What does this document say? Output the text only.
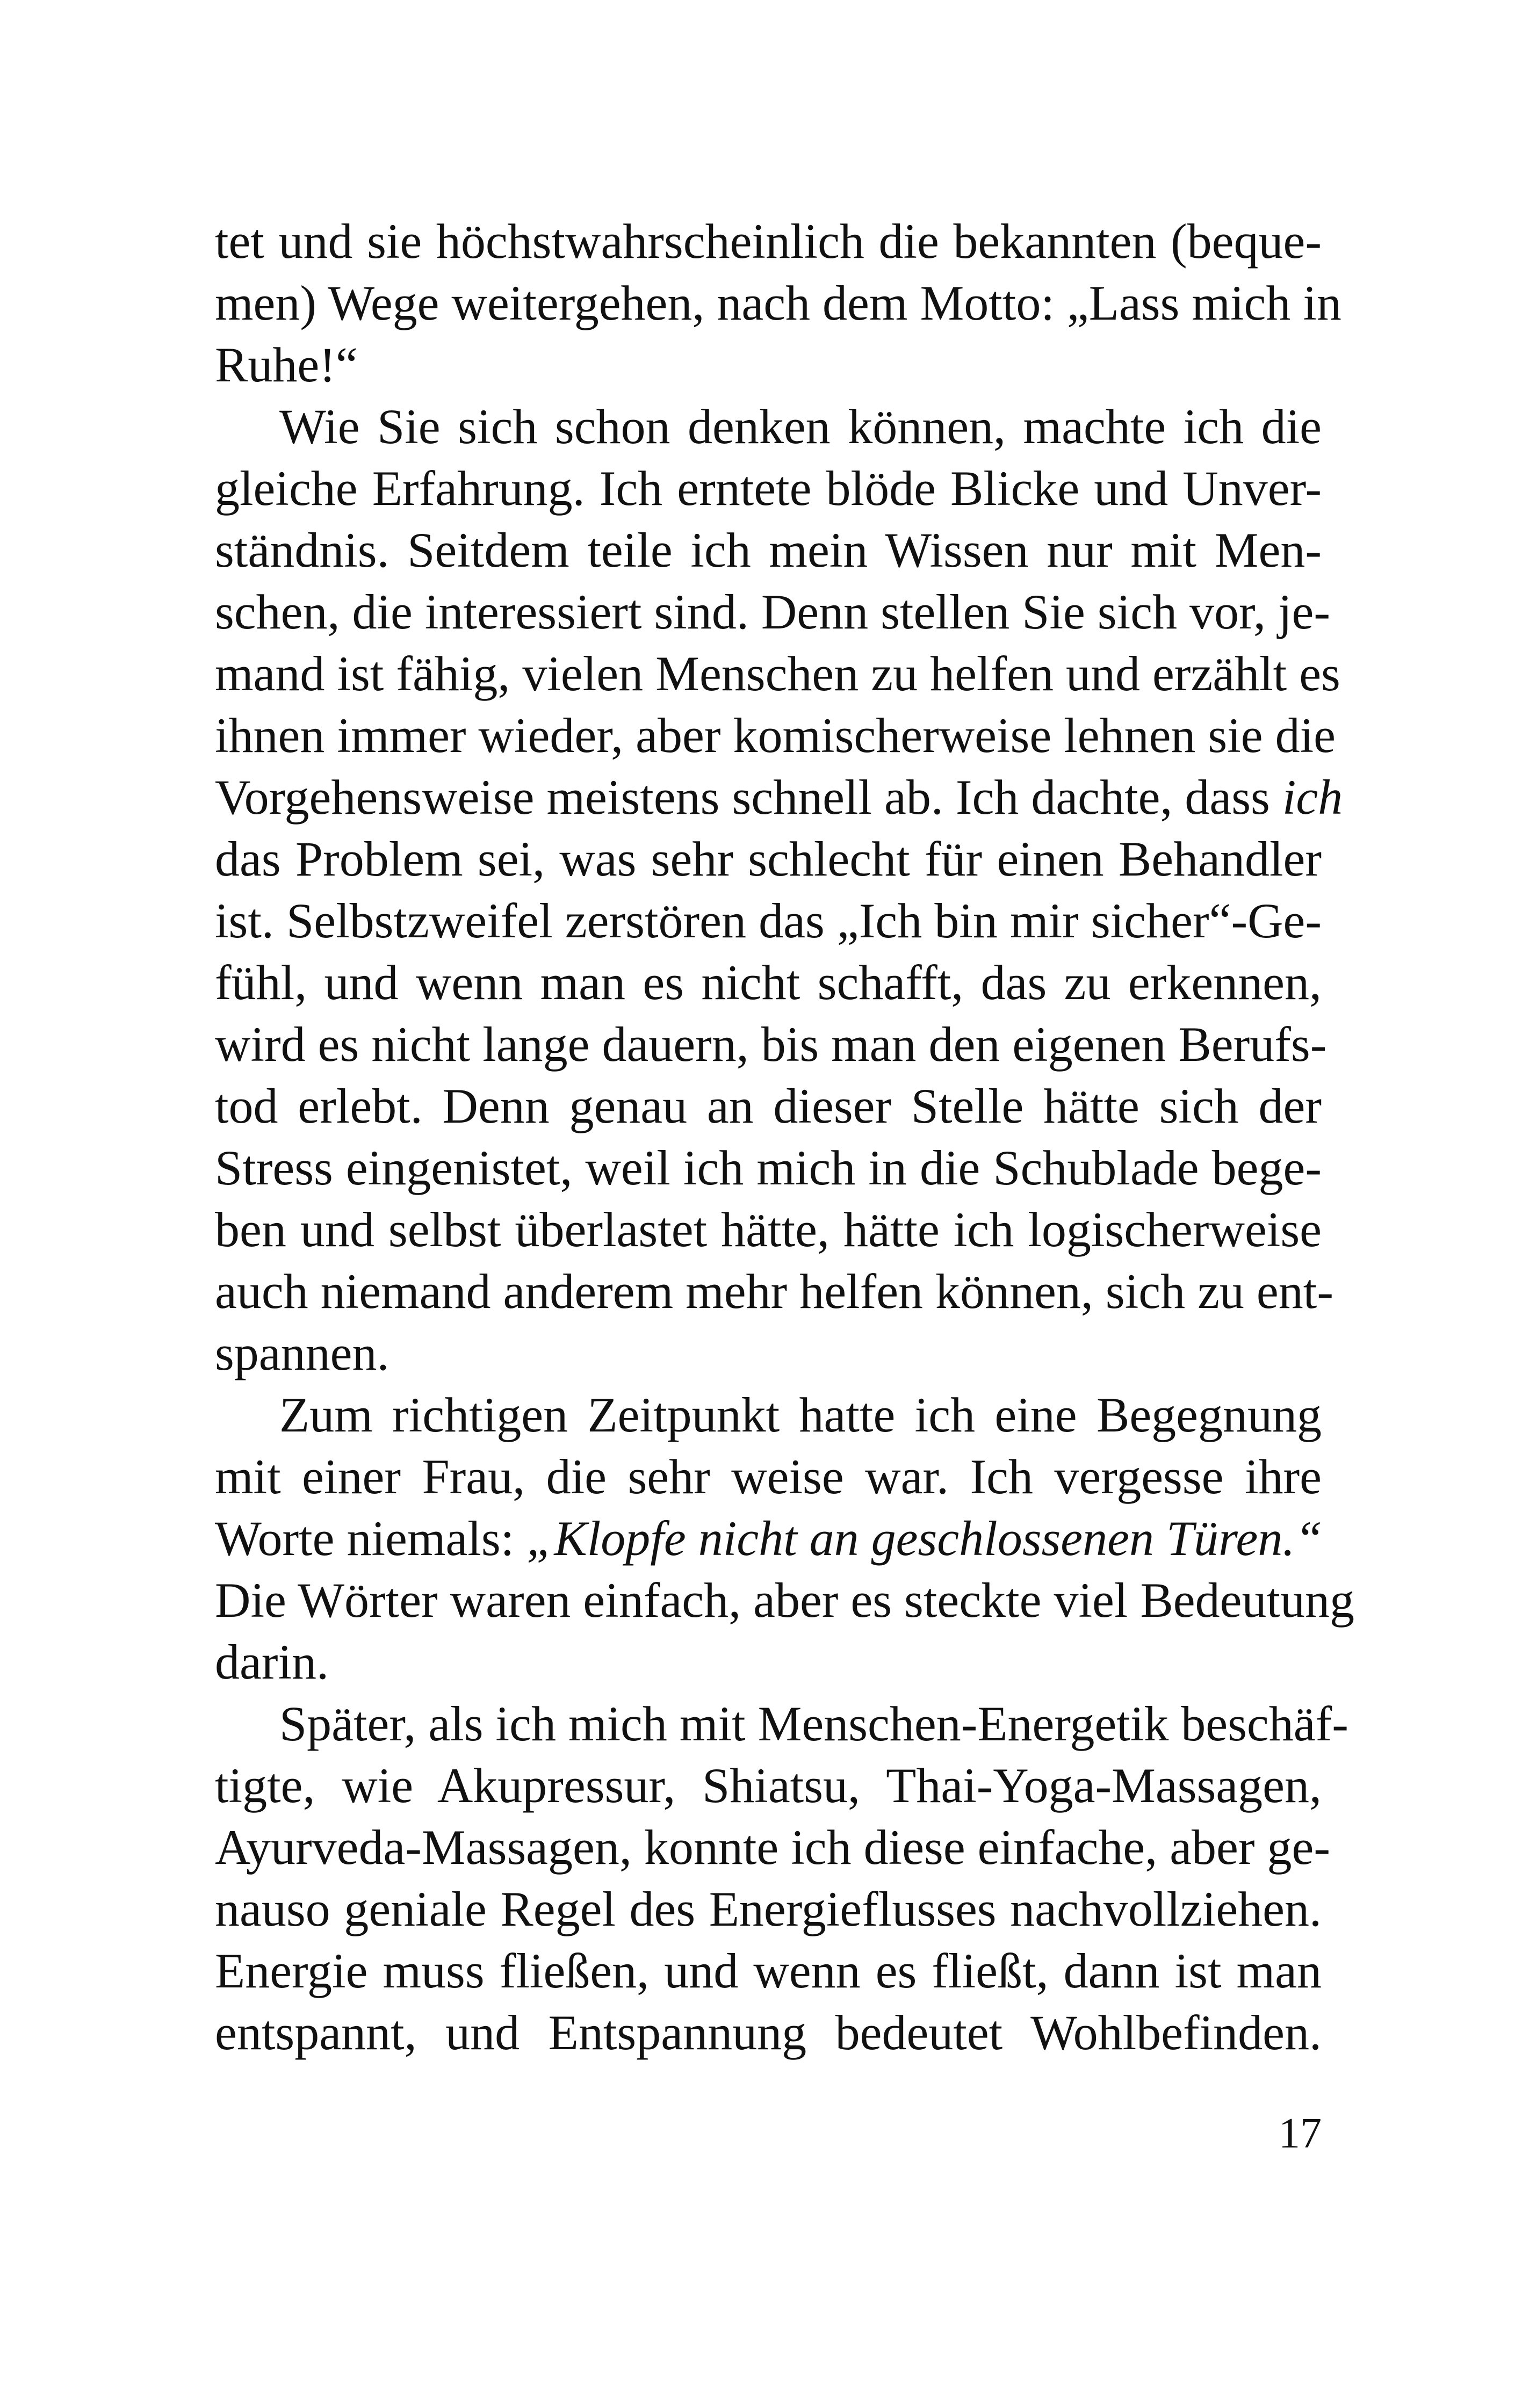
tet und sie höchstwahrscheinlich die bekannten (beque-
men) Wege weitergehen, nach dem Motto: „Lass mich in
Ruhe!“
Wie Sie sich schon denken können, machte ich die
gleiche Erfahrung. Ich erntete blöde Blicke und Unver-
ständnis. Seitdem teile ich mein Wissen nur mit Men-
schen, die interessiert sind. Denn stellen Sie sich vor, je-
mand ist fähig, vielen Menschen zu helfen und erzählt es
ihnen immer wieder, aber komischerweise lehnen sie die
Vorgehensweise meistens schnell ab. Ich dachte, dass ich
das Problem sei, was sehr schlecht für einen Behandler
ist. Selbstzweifel zerstören das „Ich bin mir sicher“-Ge-
fühl, und wenn man es nicht schafft, das zu erkennen,
wird es nicht lange dauern, bis man den eigenen Berufs-
tod erlebt. Denn genau an dieser Stelle hätte sich der
Stress eingenistet, weil ich mich in die Schublade bege-
ben und selbst überlastet hätte, hätte ich logischerweise
auch niemand anderem mehr helfen können, sich zu ent-
spannen.
Zum richtigen Zeitpunkt hatte ich eine Begegnung
mit einer Frau, die sehr weise war. Ich vergesse ihre
Worte niemals: „Klopfe nicht an geschlossenen Türen.“
Die Wörter waren einfach, aber es steckte viel Bedeutung
darin.
Später, als ich mich mit Menschen-Energetik beschäf-
tigte, wie Akupressur, Shiatsu, Thai-Yoga-Massagen,
Ayurveda-Massagen, konnte ich diese einfache, aber ge-
nauso geniale Regel des Energieflusses nachvollziehen.
Energie muss fließen, und wenn es fließt, dann ist man
entspannt, und Entspannung bedeutet Wohlbefinden.
17
